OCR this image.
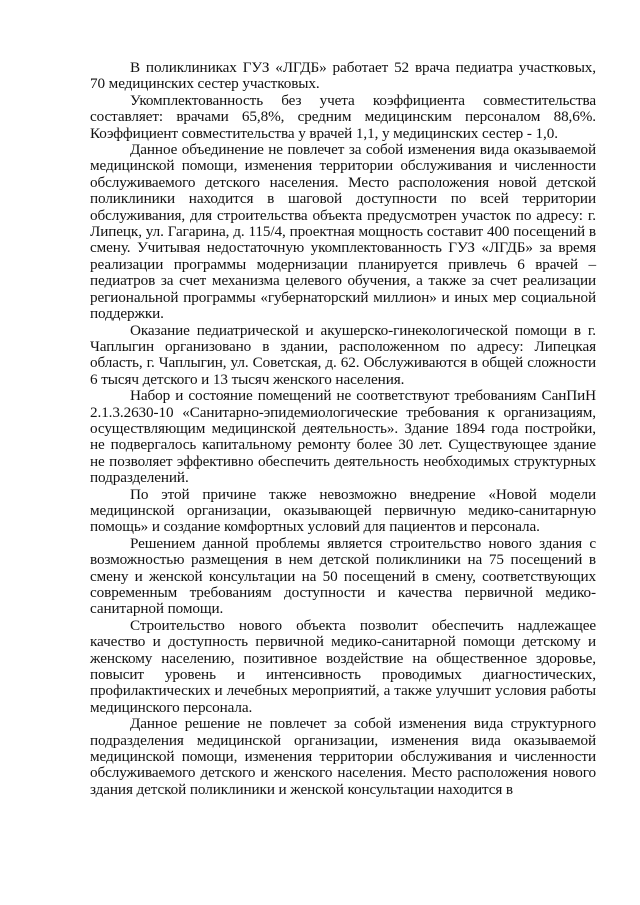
В поликлиниках ГУЗ «ЛГДБ» работает 52 врача педиатра участковых, 70 медицинских сестер участковых.

Укомплектованность без учета коэффициента совместительства составляет: врачами 65,8%, средним медицинским персоналом 88,6%. Коэффициент совместительства у врачей 1,1, у медицинских сестер - 1,0.

Данное объединение не повлечет за собой изменения вида оказываемой медицинской помощи, изменения территории обслуживания и численности обслуживаемого детского населения. Место расположения новой детской поликлиники находится в шаговой доступности по всей территории обслуживания, для строительства объекта предусмотрен участок по адресу: г. Липецк, ул. Гагарина, д. 115/4, проектная мощность составит 400 посещений в смену. Учитывая недостаточную укомплектованность ГУЗ «ЛГДБ» за время реализации программы модернизации планируется привлечь 6 врачей – педиатров за счет механизма целевого обучения, а также за счет реализации региональной программы «губернаторский миллион» и иных мер социальной поддержки.

Оказание педиатрической и акушерско-гинекологической помощи в г. Чаплыгин организовано в здании, расположенном по адресу: Липецкая область, г. Чаплыгин, ул. Советская, д. 62. Обслуживаются в общей сложности 6 тысяч детского и 13 тысяч женского населения.

Набор и состояние помещений не соответствуют требованиям СанПиН 2.1.3.2630-10 «Санитарно-эпидемиологические требования к организациям, осуществляющим медицинской деятельность». Здание 1894 года постройки, не подвергалось капитальному ремонту более 30 лет. Существующее здание не позволяет эффективно обеспечить деятельность необходимых структурных подразделений.

По этой причине также невозможно внедрение «Новой модели медицинской организации, оказывающей первичную медико-санитарную помощь» и создание комфортных условий для пациентов и персонала.

Решением данной проблемы является строительство нового здания с возможностью размещения в нем детской поликлиники на 75 посещений в смену и женской консультации на 50 посещений в смену, соответствующих современным требованиям доступности и качества первичной медико-санитарной помощи.

Строительство нового объекта позволит обеспечить надлежащее качество и доступность первичной медико-санитарной помощи детскому и женскому населению, позитивное воздействие на общественное здоровье, повысит уровень и интенсивность проводимых диагностических, профилактических и лечебных мероприятий, а также улучшит условия работы медицинского персонала.

Данное решение не повлечет за собой изменения вида структурного подразделения медицинской организации, изменения вида оказываемой медицинской помощи, изменения территории обслуживания и численности обслуживаемого детского и женского населения. Место расположения нового здания детской поликлиники и женской консультации находится в
